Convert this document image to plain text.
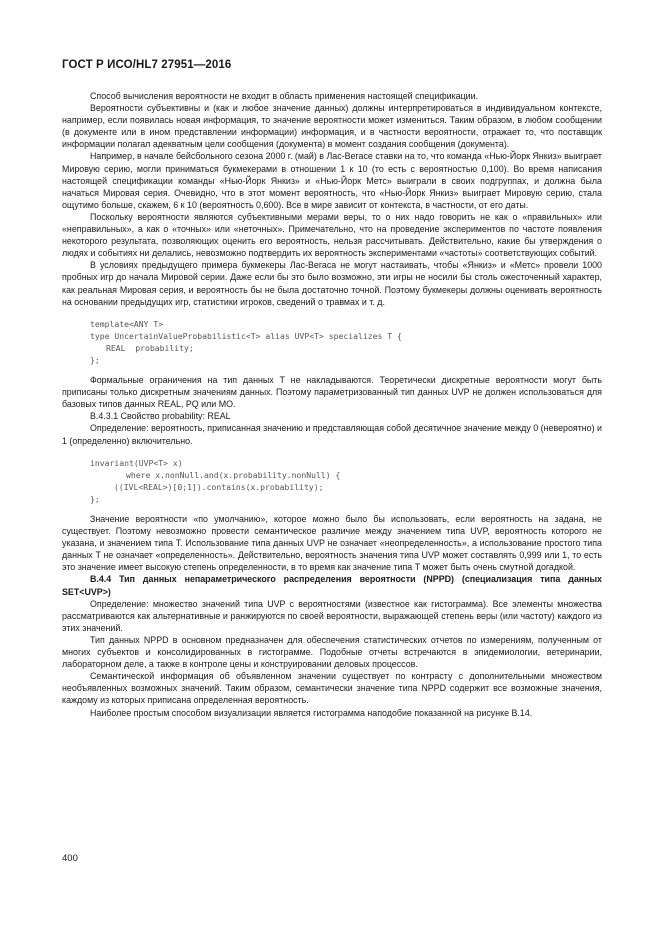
ГОСТ Р ИСО/HL7 27951—2016

Способ вычисления вероятности не входит в область применения настоящей спецификации.

Вероятности субъективны и (как и любое значение данных) должны интерпретироваться в индивидуальном контексте, например, если появилась новая информация, то значение вероятности может измениться. Таким образом, в любом сообщении (в документе или в ином представлении информации) информация, и в частности вероятности, отражает то, что поставщик информации полагал адекватным цели сообщения (документа) в момент создания сообщения (документа).

Например, в начале бейсбольного сезона 2000 г. (май) в Лас-Вегасе ставки на то, что команда «Нью-Йорк Янкиз» выиграет Мировую серию, могли приниматься букмекерами в отношении 1 к 10 (то есть с вероятностью 0,100). Во время написания настоящей спецификации команды «Нью-Йорк Янкиз» и «Нью-Йорк Метс» выиграли в своих подгруппах, и должна была начаться Мировая серия. Очевидно, что в этот момент вероятность, что «Нью-Йорк Янкиз» выиграет Мировую серию, стала ощутимо больше, скажем, 6 к 10 (вероятность 0,600). Все в мире зависит от контекста, в частности, от его даты.

Поскольку вероятности являются субъективными мерами веры, то о них надо говорить не как о «правильных» или «неправильных», а как о «точных» или «неточных». Примечательно, что на проведение экспериментов по частоте появления некоторого результата, позволяющих оценить его вероятность, нельзя рассчитывать. Действительно, какие бы утверждения о людях и событиях ни делались, невозможно подтвердить их вероятность экспериментами «частоты» соответствующих событий.

В условиях предыдущего примера букмекеры Лас-Вегаса не могут настаивать, чтобы «Янкиз» и «Метс» провели 1000 пробных игр до начала Мировой серии. Даже если бы это было возможно, эти игры не носили бы столь ожесточенный характер, как реальная Мировая серия, и вероятность бы не была достаточно точной. Поэтому букмекеры должны оценивать вероятность на основании предыдущих игр, статистики игроков, сведений о травмах и т. д.

template<ANY T>
type UncertainValueProbabilistic<T> alias UVP<T> specializes T {
REAL  probability;
};

Формальные ограничения на тип данных T не накладываются. Теоретически дискретные вероятности могут быть приписаны только дискретным значениям данных. Поэтому параметризованный тип данных UVP не должен использоваться для базовых типов данных REAL, PQ или MO.

B.4.3.1 Свойство probability: REAL

Определение: вероятность, приписанная значению и представляющая собой десятичное значение между 0 (невероятно) и 1 (определенно) включительно.

invariant(UVP<T> x)
where x.nonNull.and(x.probability.nonNull) {
((IVL<REAL>)[0;1]).contains(x.probability);
};

Значение вероятности «по умолчанию», которое можно было бы использовать, если вероятность на задана, не существует. Поэтому невозможно провести семантическое различие между значением типа UVP, вероятность которого не указана, и значением типа T. Использование типа данных UVP не означает «неопределенность», а использование простого типа данных T не означает «определенность». Действительно, вероятность значения типа UVP может составлять 0,999 или 1, то есть это значение имеет высокую степень определенности, в то время как значение типа T может быть очень смутной догадкой.

B.4.4 Тип данных непараметрического распределения вероятности (NPPD) (специализация типа данных SET<UVP>)

Определение: множество значений типа UVP с вероятностями (известное как гистограмма). Все элементы множества рассматриваются как альтернативные и ранжируются по своей вероятности, выражающей степень веры (или частоту) каждого из этих значений.

Тип данных NPPD в основном предназначен для обеспечения статистических отчетов по измерениям, полученным от многих субъектов и консолидированных в гистограмме. Подобные отчеты встречаются в эпидемиологии, ветеринарии, лабораторном деле, а также в контроле цены и конструировании деловых процессов.

Семантической информация об объявленном значении существует по контрасту с дополнительными множеством необъявленных возможных значений. Таким образом, семантически значение типа NPPD содержит все возможные значения, каждому из которых приписана определенная вероятность.

Наиболее простым способом визуализации является гистограмма наподобие показанной на рисунке B.14.

400
